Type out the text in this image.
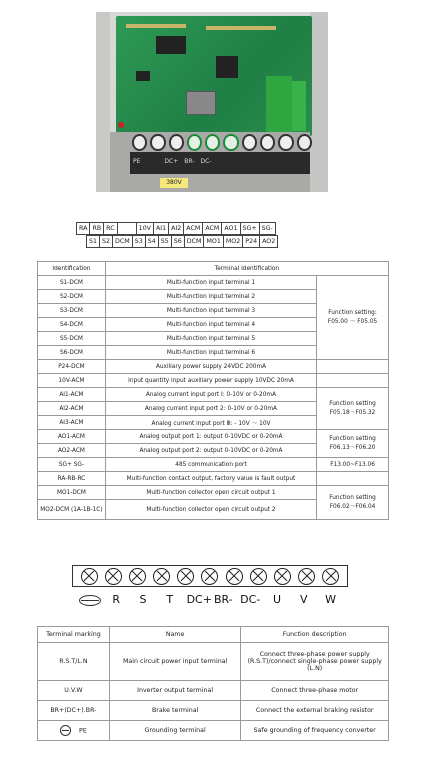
PE	DC+	BR-	DC-
380V
RA	RB	RC		10V	AI1	AI2	ACM	ACM	AO1	SG+	SG-
S1	S2	DCM	S3	S4	S5	S6	DCM	MO1	MO2	P24	AO2
Identification	Terminal Identification	
S1-DCM	Multi-function input terminal 1	Function setting: F05.00 ～ F05.05
S2-DCM	Multi-function input terminal 2	
S3-DCM	Multi-function input terminal 3	
S4-DCM	Multi-function input terminal 4	
S5-DCM	Multi-function input terminal 5	
S6-DCM	Multi-function input terminal 6	
P24-DCM	Auxiliary power supply 24VDC 200mA	
10V-ACM	Input quantity input auxiliary power supply 10VDC 20mA	
AI1-ACM	Analog current input port I: 0-10V or 0-20mA	Function setting F05.18～F05.32
AI2-ACM	Analog current input port 2: 0-10V or 0-20mA	
AI3-ACM	Analog current input port Ⅲ: - 10V ～ 10V	
AO1-ACM	Analog output port 1: output 0-10VDC or 0-20mA	Function setting F06.13～F06.20
AO2-ACM	Analog output port 2: output 0-10VDC or 0-20mA	
SG+ SG-	485 communication port	F13.00~F13.06
RA-RB-RC	Multi-function contact output, factory value is fault output	
MO1-DCM	Multi-function collector open circuit output 1	Function setting F06.02～F06.04
MO2-DCM (1A-1B-1C)	Multi-function collector open circuit output 2	
R	S	T	DC+ BR- DC-	U	V	W
Terminal marking	Name	Function description
R.S.T/L.N	Main circuit power input terminal	Connect three-phase power supply (R.S.T)/connect single-phase power supply (L.N)
U.V.W	Inverter output terminal	Connect three-phase motor
BR+(DC+).BR-	Brake terminal	Connect the external braking resistor
PE	Grounding terminal	Safe grounding of frequency converter
